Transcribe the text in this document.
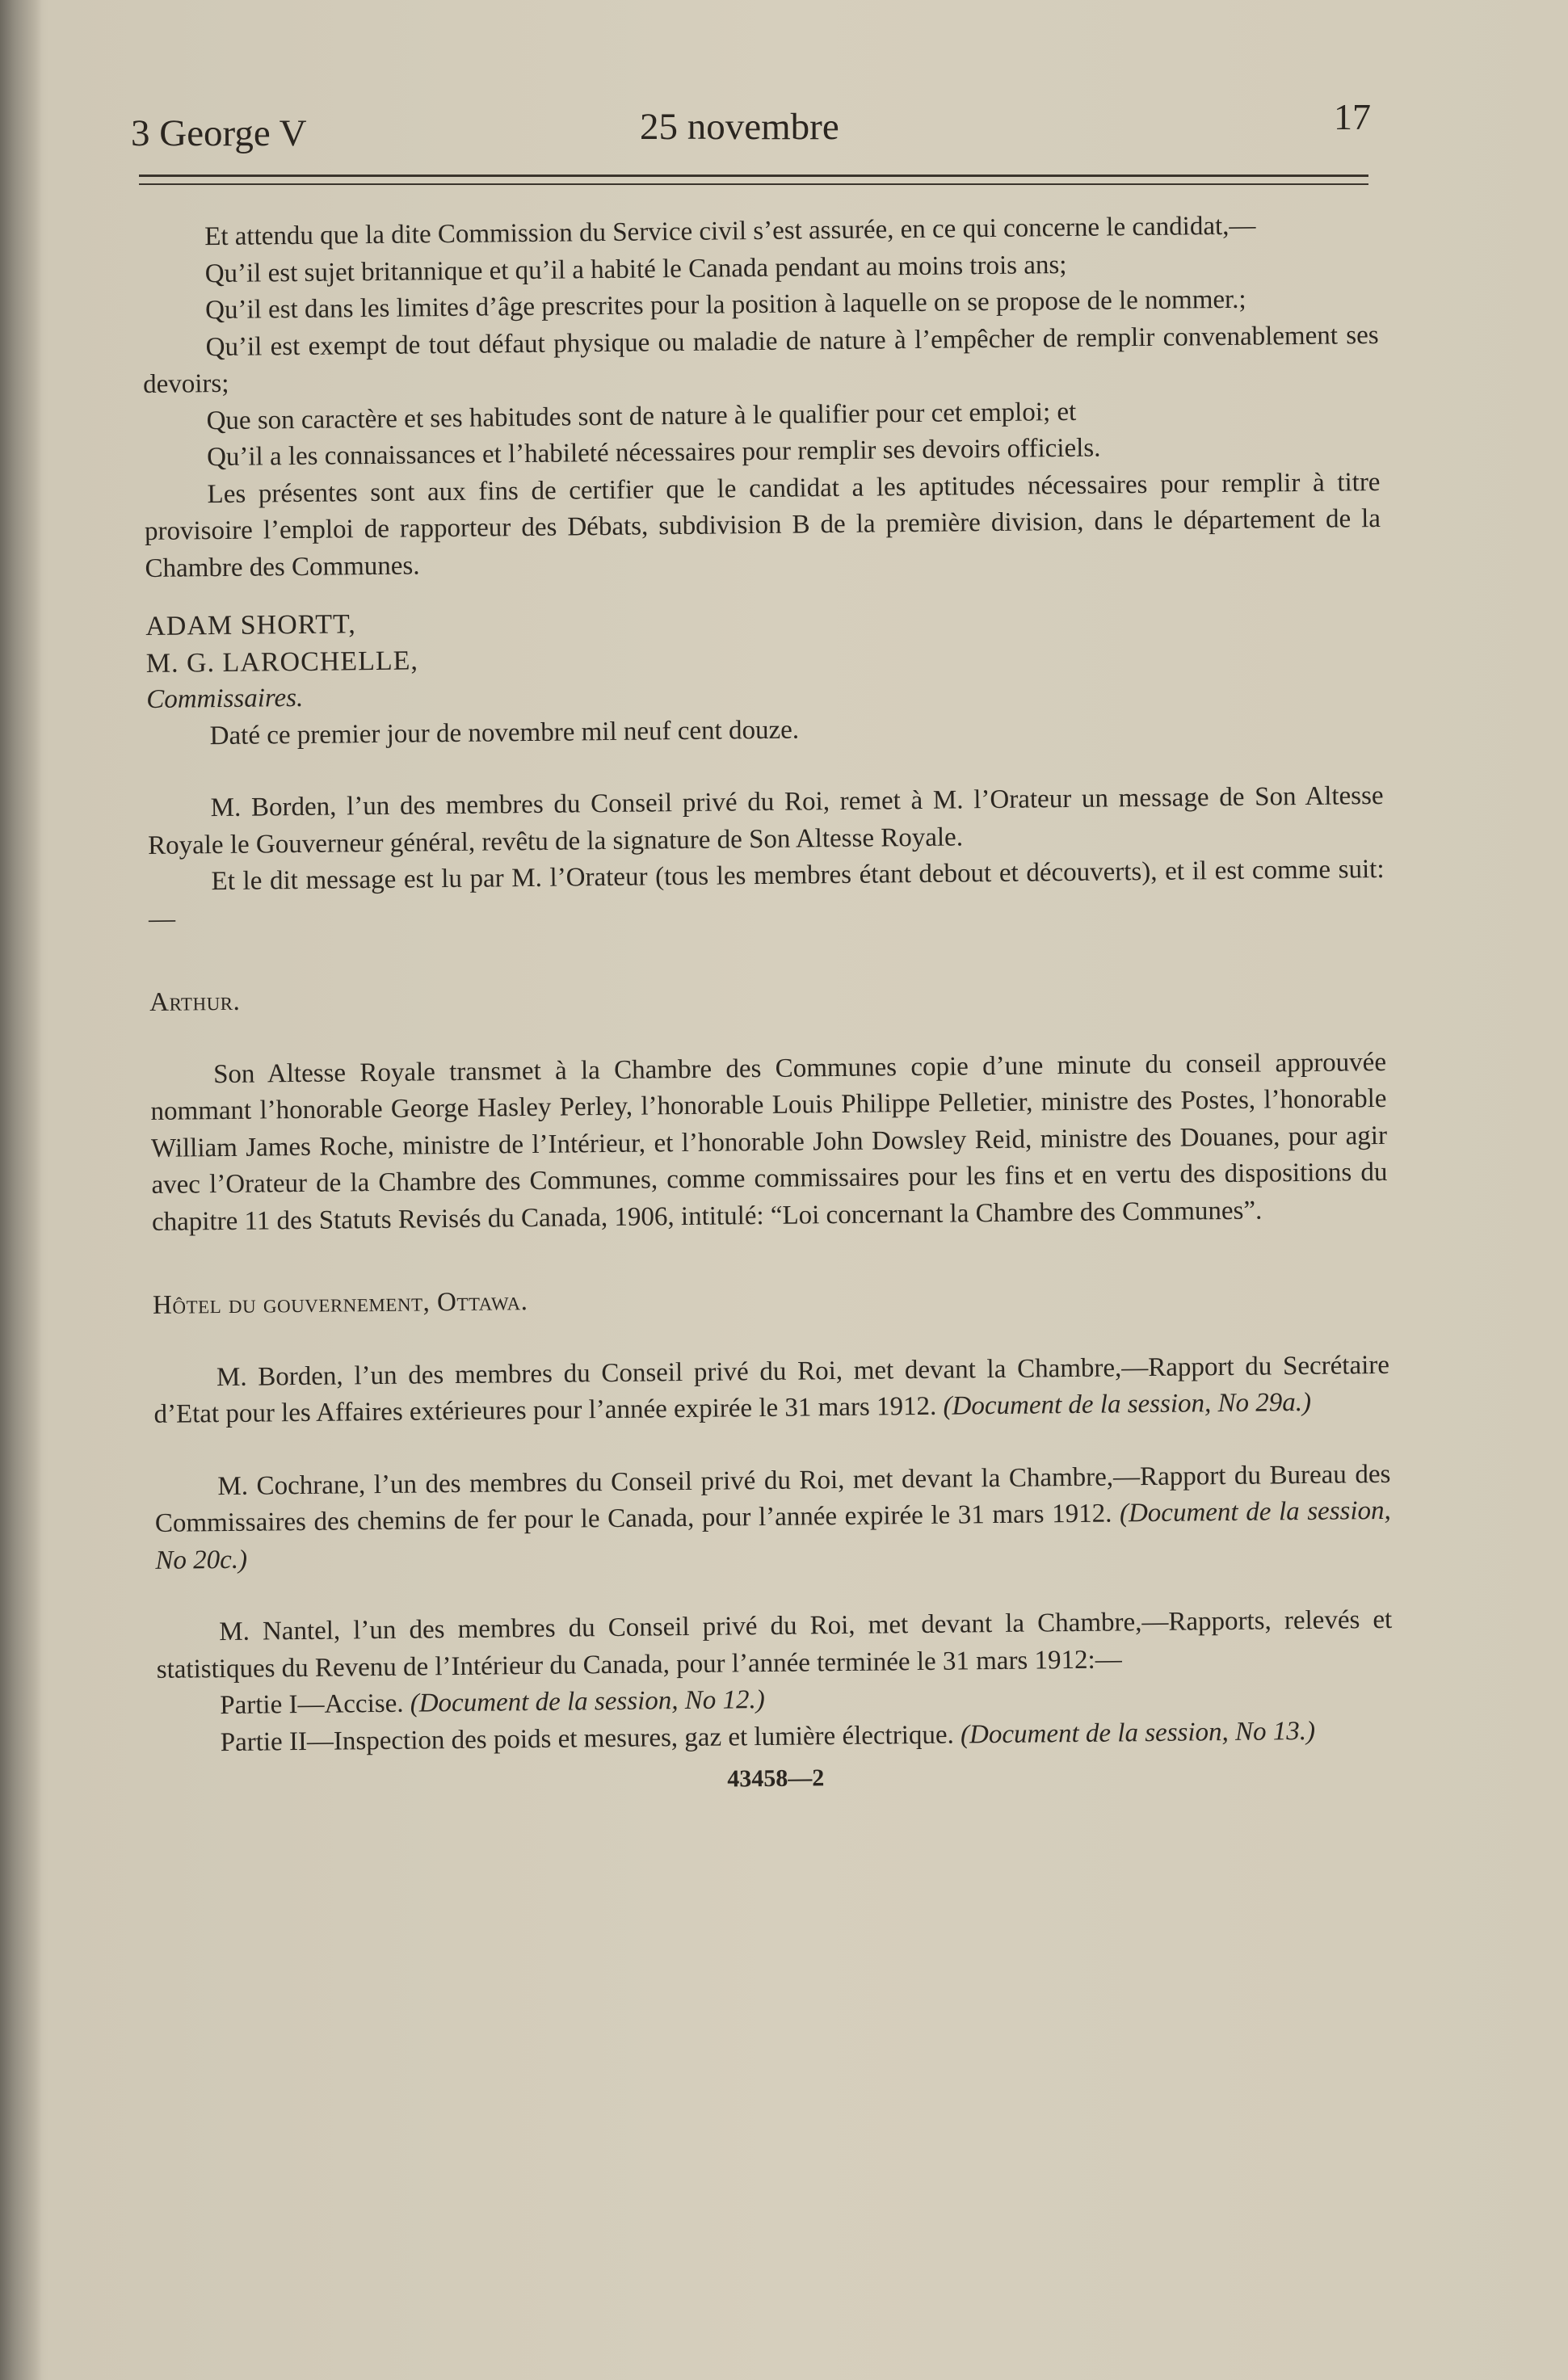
3 George V	25 novembre	17

Et attendu que la dite Commission du Service civil s’est assurée, en ce qui concerne le candidat,—

Qu’il est sujet britannique et qu’il a habité le Canada pendant au moins trois ans;

Qu’il est dans les limites d’âge prescrites pour la position à laquelle on se propose de le nommer.;

Qu’il est exempt de tout défaut physique ou maladie de nature à l’empêcher de remplir convenablement ses devoirs;

Que son caractère et ses habitudes sont de nature à le qualifier pour cet emploi; et

Qu’il a les connaissances et l’habileté nécessaires pour remplir ses devoirs officiels.

Les présentes sont aux fins de certifier que le candidat a les aptitudes nécessaires pour remplir à titre provisoire l’emploi de rapporteur des Débats, subdivision B de la première division, dans le département de la Chambre des Communes.

ADAM SHORTT,

M. G. LAROCHELLE,

Commissaires.

Daté ce premier jour de novembre mil neuf cent douze.

M. Borden, l’un des membres du Conseil privé du Roi, remet à M. l’Orateur un message de Son Altesse Royale le Gouverneur général, revêtu de la signature de Son Altesse Royale.

Et le dit message est lu par M. l’Orateur (tous les membres étant debout et découverts), et il est comme suit:—

Arthur.

Son Altesse Royale transmet à la Chambre des Communes copie d’une minute du conseil approuvée nommant l’honorable George Hasley Perley, l’honorable Louis Philippe Pelletier, ministre des Postes, l’honorable William James Roche, ministre de l’Intérieur, et l’honorable John Dowsley Reid, ministre des Douanes, pour agir avec l’Orateur de la Chambre des Communes, comme commissaires pour les fins et en vertu des dispositions du chapitre 11 des Statuts Revisés du Canada, 1906, intitulé: “Loi concernant la Chambre des Communes”.

Hôtel du gouvernement, Ottawa.

M. Borden, l’un des membres du Conseil privé du Roi, met devant la Chambre,—Rapport du Secrétaire d’Etat pour les Affaires extérieures pour l’année expirée le 31 mars 1912. (Document de la session, No 29a.)

M. Cochrane, l’un des membres du Conseil privé du Roi, met devant la Chambre,—Rapport du Bureau des Commissaires des chemins de fer pour le Canada, pour l’année expirée le 31 mars 1912. (Document de la session, No 20c.)

M. Nantel, l’un des membres du Conseil privé du Roi, met devant la Chambre,—Rapports, relevés et statistiques du Revenu de l’Intérieur du Canada, pour l’année terminée le 31 mars 1912:—

Partie I—Accise. (Document de la session, No 12.)

Partie II—Inspection des poids et mesures, gaz et lumière électrique. (Document de la session, No 13.)

43458—2
